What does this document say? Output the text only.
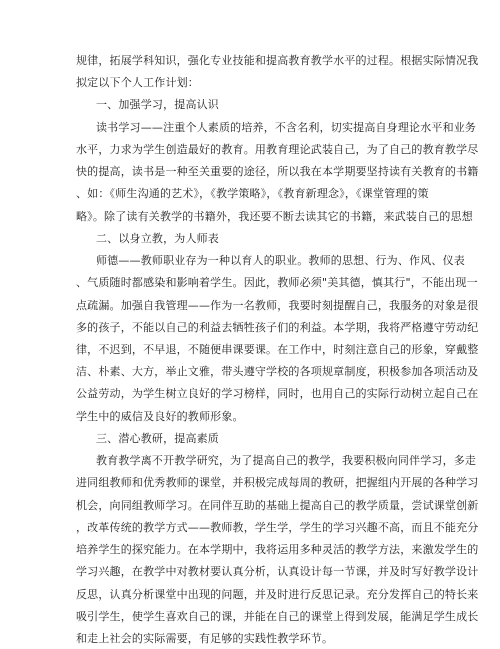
规律，拓展学科知识，强化专业技能和提高教育教学水平的过程。根据实际情况我
拟定以下个人工作计划：
一、加强学习，提高认识
读书学习——注重个人素质的培养，不含名利，切实提高自身理论水平和业务
水平，力求为学生创造最好的教育。用教育理论武装自己，为了自己的教育教学尽
快的提高，读书是一种至关重要的途径，所以我在本学期要坚持读有关教育的书籍
、如：《师生沟通的艺术》，《教学策略》，《教育新理念》，《课堂管理的策
略》。除了读有关教学的书籍外，我还要不断去读其它的书籍，来武装自己的思想
二、以身立教，为人师表
师德——教师职业存为一种以育人的职业。教师的思想、行为、作风、仪表
、气质随时都感染和影响着学生。因此，教师必须"美其德，慎其行"，不能出现一
点疏漏。加强自我管理——作为一名教师，我要时刻提醒自己，我服务的对象是很
多的孩子，不能以自己的利益去牺牲孩子们的利益。本学期，我将严格遵守劳动纪
律，不迟到，不早退，不随便串课要课。在工作中，时刻注意自己的形象，穿戴整
洁、朴素、大方，举止文雅，带头遵守学校的各项规章制度，积极参加各项活动及
公益劳动，为学生树立良好的学习榜样，同时，也用自己的实际行动树立起自己在
学生中的威信及良好的教师形象。
三、潜心教研，提高素质
教育教学离不开教学研究，为了提高自己的教学，我要积极向同伴学习，多走
进同组教师和优秀教师的课堂，并积极完成每周的教研，把握组内开展的各种学习
机会，向同组教师学习。在同伴互助的基础上提高自己的教学质量，尝试课堂创新
，改革传统的教学方式——教师教，学生学，学生的学习兴趣不高，而且不能充分
培养学生的探究能力。在本学期中，我将运用多种灵活的教学方法，来激发学生的
学习兴趣，在教学中对教材要认真分析，认真设计每一节课，并及时写好教学设计
反思，认真分析课堂中出现的问题，并及时进行反思记录。充分发挥自己的特长来
吸引学生，使学生喜欢自己的课，并能在自己的课堂上得到发展，能满足学生成长
和走上社会的实际需要，有足够的实践性教学环节。
